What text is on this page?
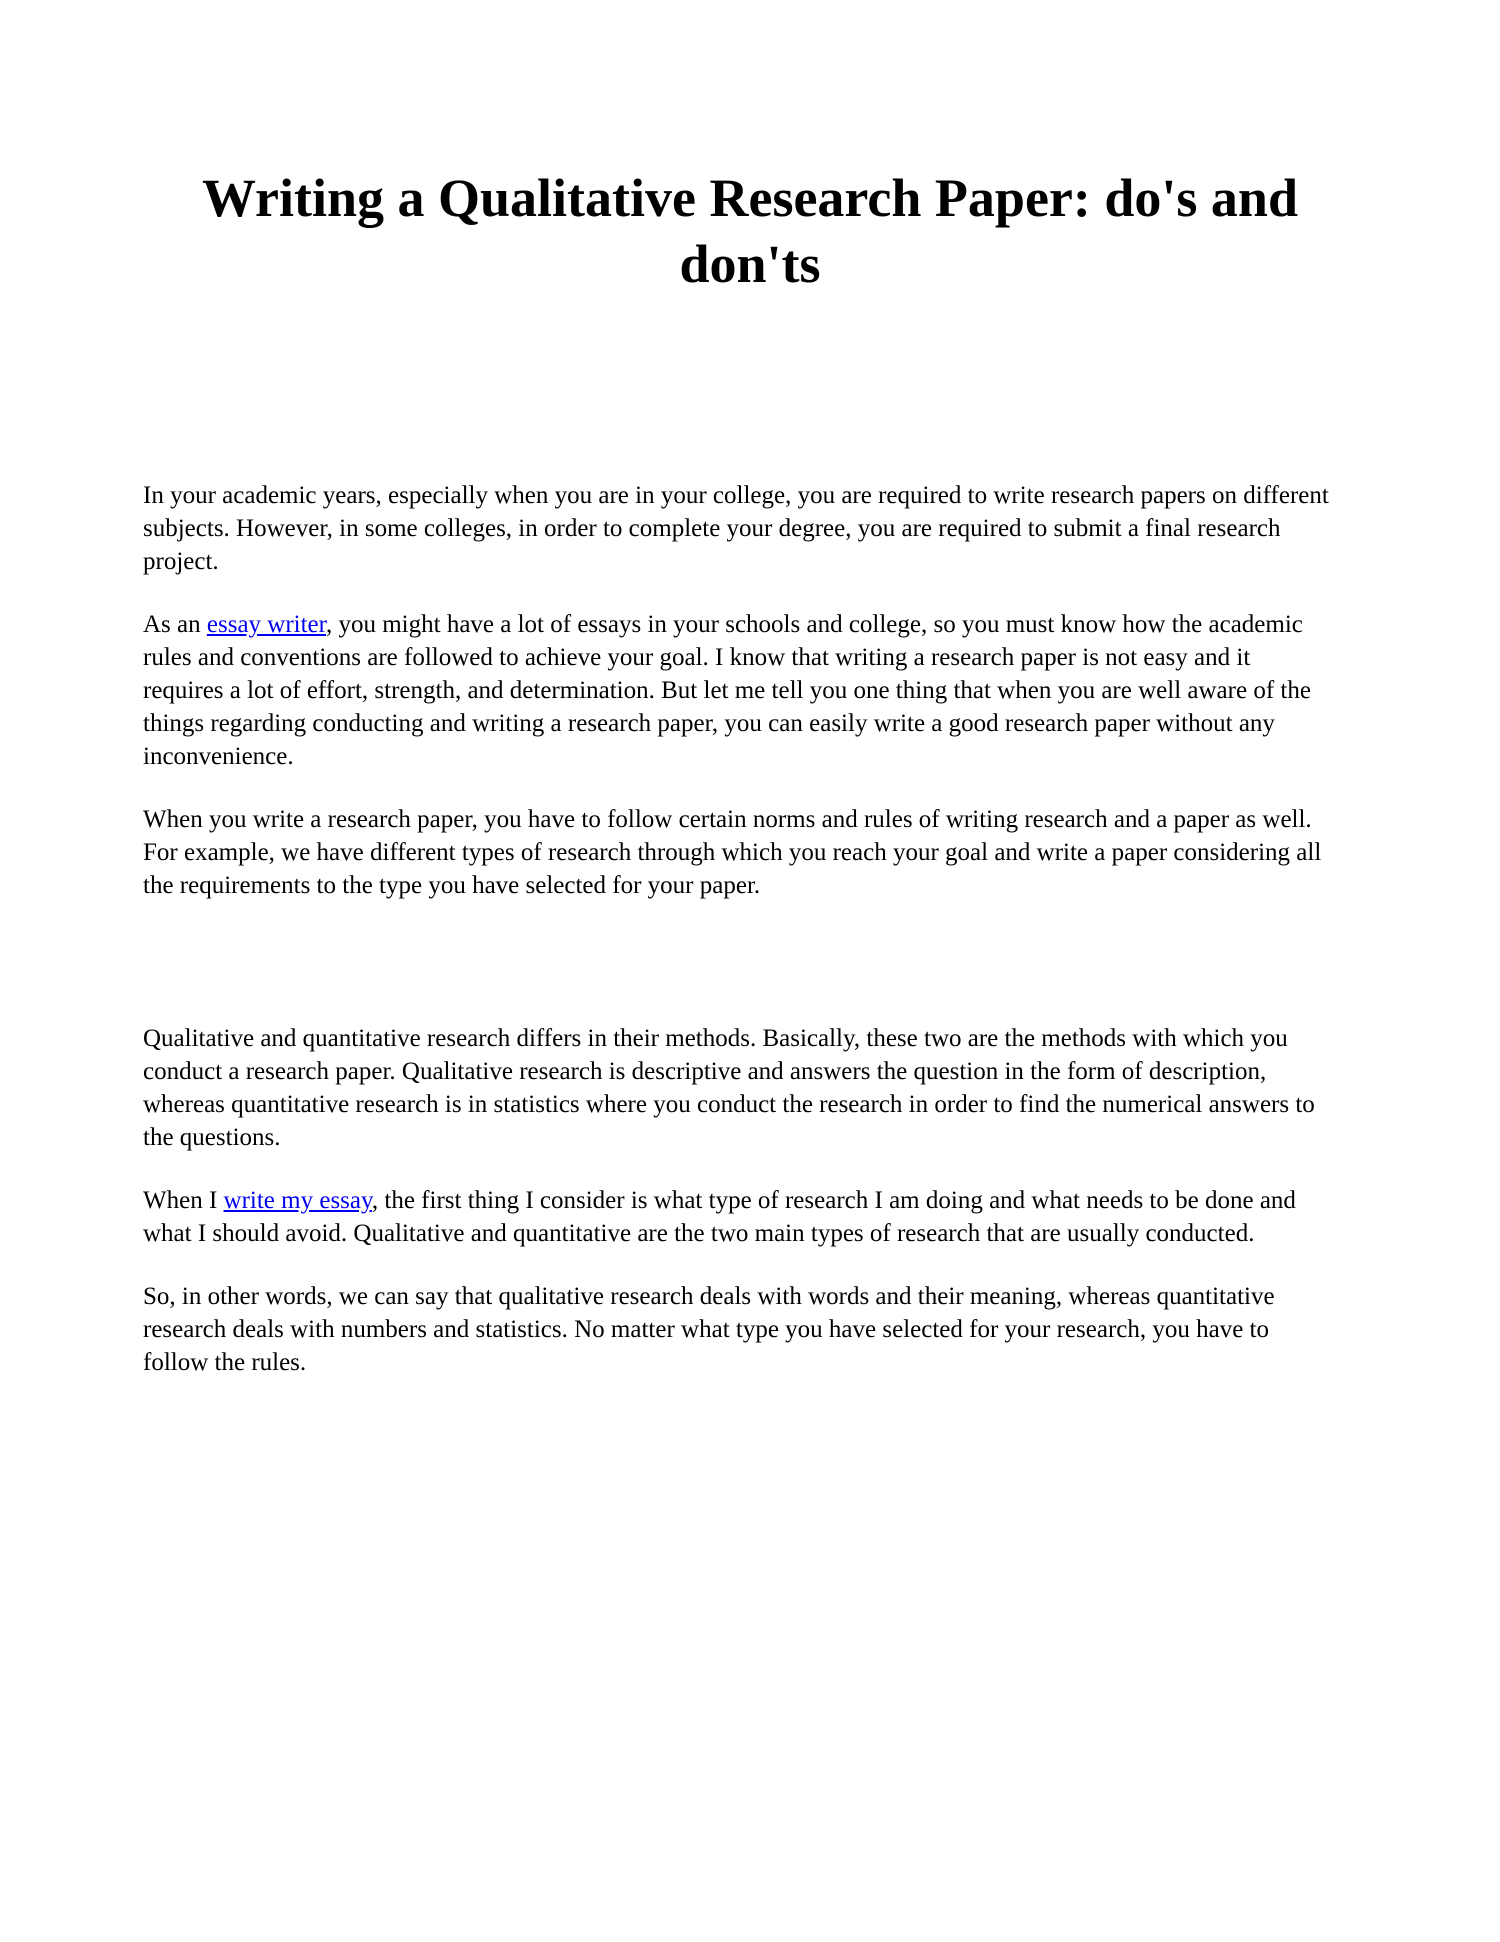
Writing a Qualitative Research Paper: do's and don'ts

In your academic years, especially when you are in your college, you are required to write research papers on different subjects. However, in some colleges, in order to complete your degree, you are required to submit a final research project.

As an essay writer, you might have a lot of essays in your schools and college, so you must know how the academic rules and conventions are followed to achieve your goal. I know that writing a research paper is not easy and it requires a lot of effort, strength, and determination. But let me tell you one thing that when you are well aware of the things regarding conducting and writing a research paper, you can easily write a good research paper without any inconvenience.

When you write a research paper, you have to follow certain norms and rules of writing research and a paper as well. For example, we have different types of research through which you reach your goal and write a paper considering all the requirements to the type you have selected for your paper.

Qualitative and quantitative research differs in their methods. Basically, these two are the methods with which you conduct a research paper. Qualitative research is descriptive and answers the question in the form of description, whereas quantitative research is in statistics where you conduct the research in order to find the numerical answers to the questions.

When I write my essay, the first thing I consider is what type of research I am doing and what needs to be done and what I should avoid. Qualitative and quantitative are the two main types of research that are usually conducted.

So, in other words, we can say that qualitative research deals with words and their meaning, whereas quantitative research deals with numbers and statistics. No matter what type you have selected for your research, you have to follow the rules.
